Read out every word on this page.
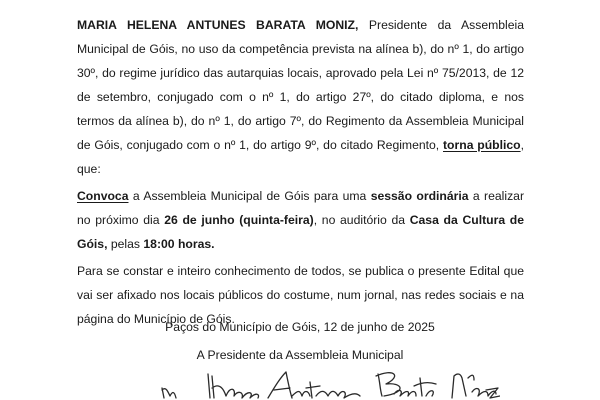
MARIA HELENA ANTUNES BARATA MONIZ, Presidente da Assembleia Municipal de Góis, no uso da competência prevista na alínea b), do nº 1, do artigo 30º, do regime jurídico das autarquias locais, aprovado pela Lei nº 75/2013, de 12 de setembro, conjugado com o nº 1, do artigo 27º, do citado diploma, e nos termos da alínea b), do nº 1, do artigo 7º, do Regimento da Assembleia Municipal de Góis, conjugado com o nº 1, do artigo 9º, do citado Regimento, torna público, que:

Convoca a Assembleia Municipal de Góis para uma sessão ordinária a realizar no próximo dia 26 de junho (quinta-feira), no auditório da Casa da Cultura de Góis, pelas 18:00 horas.

Para se constar e inteiro conhecimento de todos, se publica o presente Edital que vai ser afixado nos locais públicos do costume, num jornal, nas redes sociais e na página do Município de Góis.

Paços do Município de Góis, 12 de junho de 2025
A Presidente da Assembleia Municipal
